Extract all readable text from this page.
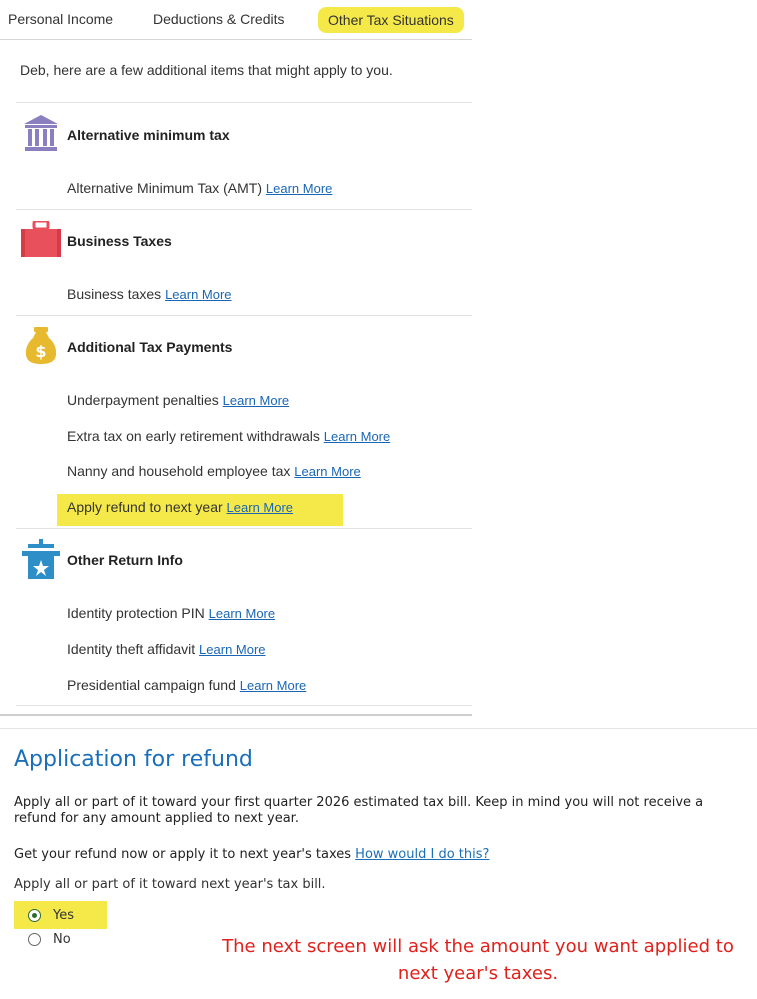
Personal Income	Deductions & Credits	Other Tax Situations
Deb, here are a few additional items that might apply to you.
Alternative minimum tax
Alternative Minimum Tax (AMT) Learn More
Business Taxes
Business taxes Learn More
$ Additional Tax Payments
Underpayment penalties Learn More
Extra tax on early retirement withdrawals Learn More
Nanny and household employee tax Learn More
Apply refund to next year Learn More
Other Return Info
Identity protection PIN Learn More
Identity theft affidavit Learn More
Presidential campaign fund Learn More
Application for refund
Apply all or part of it toward your first quarter 2026 estimated tax bill. Keep in mind you will not receive a refund for any amount applied to next year.
Get your refund now or apply it to next year's taxes How would I do this?
Apply all or part of it toward next year's tax bill.
Yes
No	The next screen will ask the amount you want applied to next year's taxes.
